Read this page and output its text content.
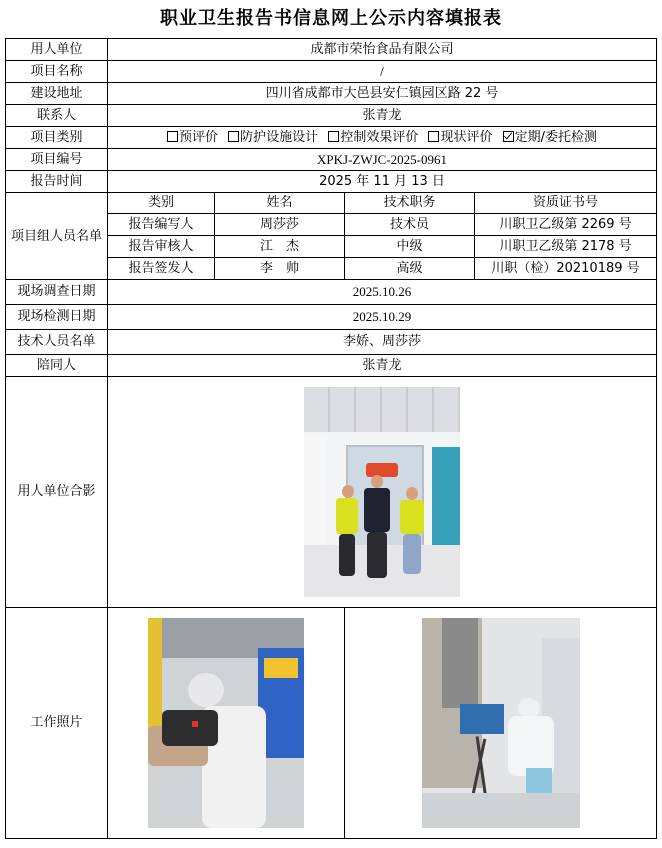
职业卫生报告书信息网上公示内容填报表
用人单位	成都市荣怡食品有限公司			
项目名称	/			
建设地址	四川省成都市大邑县安仁镇园区路 22 号			
联系人	张青龙			
项目类别	预评价 防护设施设计 控制效果评价 现状评价 定期/委托检测			
项目编号	XPKJ-ZWJC-2025-0961			
报告时间	2025 年 11 月 13 日			
项目组人员名单	类别	姓名	技术职务	资质证书号
	报告编写人	周莎莎	技术员	川职卫乙级第 2269 号
	报告审核人	江　杰	中级	川职卫乙级第 2178 号
	报告签发人	李　帅	高级	川职（检）20210189 号
现场调查日期	2025.10.26			
现场检测日期	2025.10.29			
技术人员名单	李娇、周莎莎			
陪同人	张青龙			
用人单位合影				

工作照片			
